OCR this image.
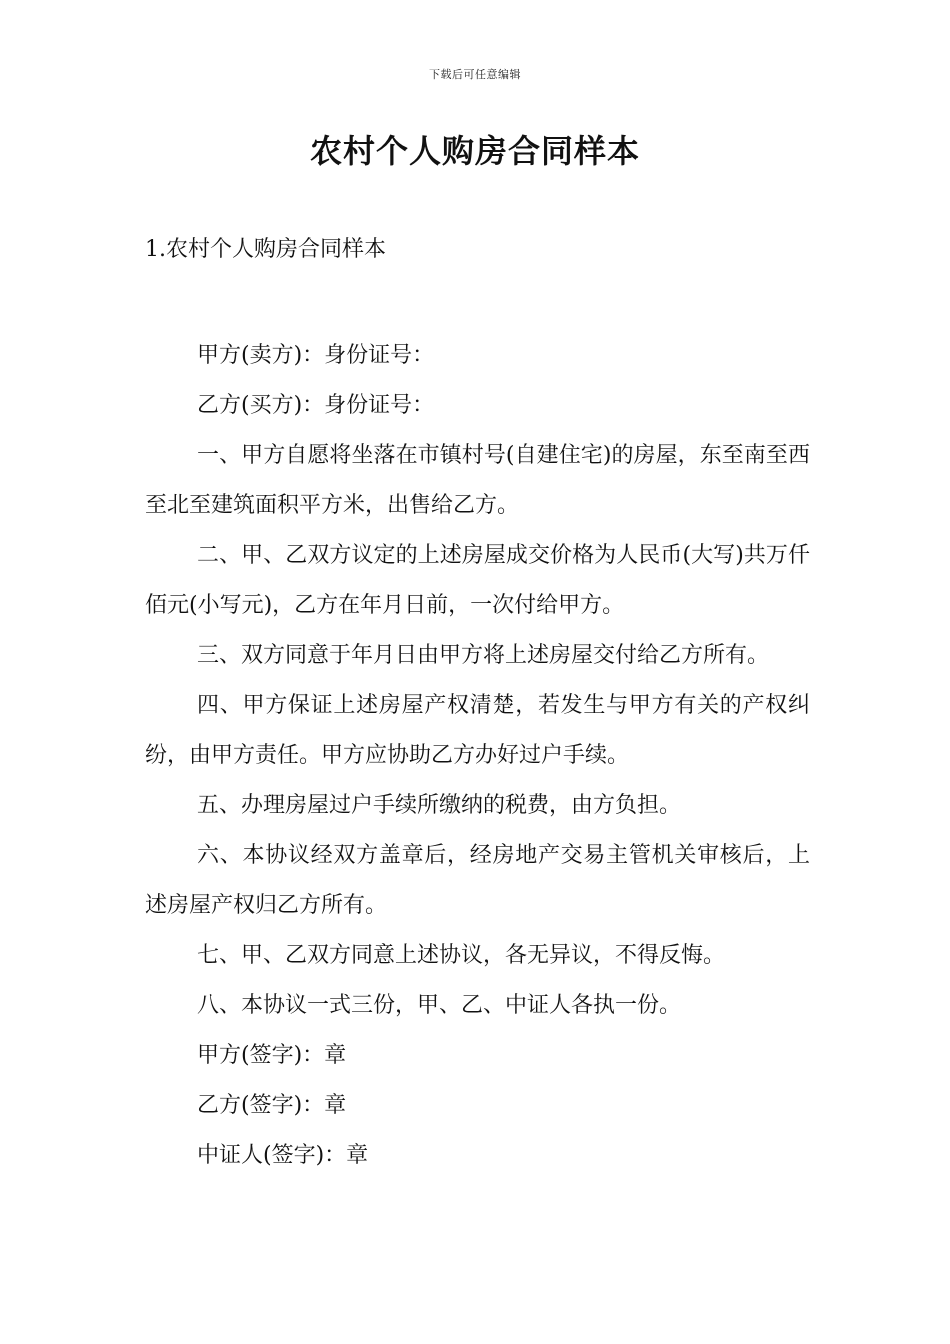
下载后可任意编辑
农村个人购房合同样本
1.农村个人购房合同样本

甲方(卖方)：身份证号：

乙方(买方)：身份证号：

一、甲方自愿将坐落在市镇村号(自建住宅)的房屋，东至南至西至北至建筑面积平方米，出售给乙方。

二、甲、乙双方议定的上述房屋成交价格为人民币(大写)共万仟佰元(小写元)，乙方在年月日前，一次付给甲方。

三、双方同意于年月日由甲方将上述房屋交付给乙方所有。

四、甲方保证上述房屋产权清楚，若发生与甲方有关的产权纠纷，由甲方责任。甲方应协助乙方办好过户手续。

五、办理房屋过户手续所缴纳的税费，由方负担。

六、本协议经双方盖章后，经房地产交易主管机关审核后，上述房屋产权归乙方所有。

七、甲、乙双方同意上述协议，各无异议，不得反悔。

八、本协议一式三份，甲、乙、中证人各执一份。

甲方(签字)：章

乙方(签字)：章

中证人(签字)：章
